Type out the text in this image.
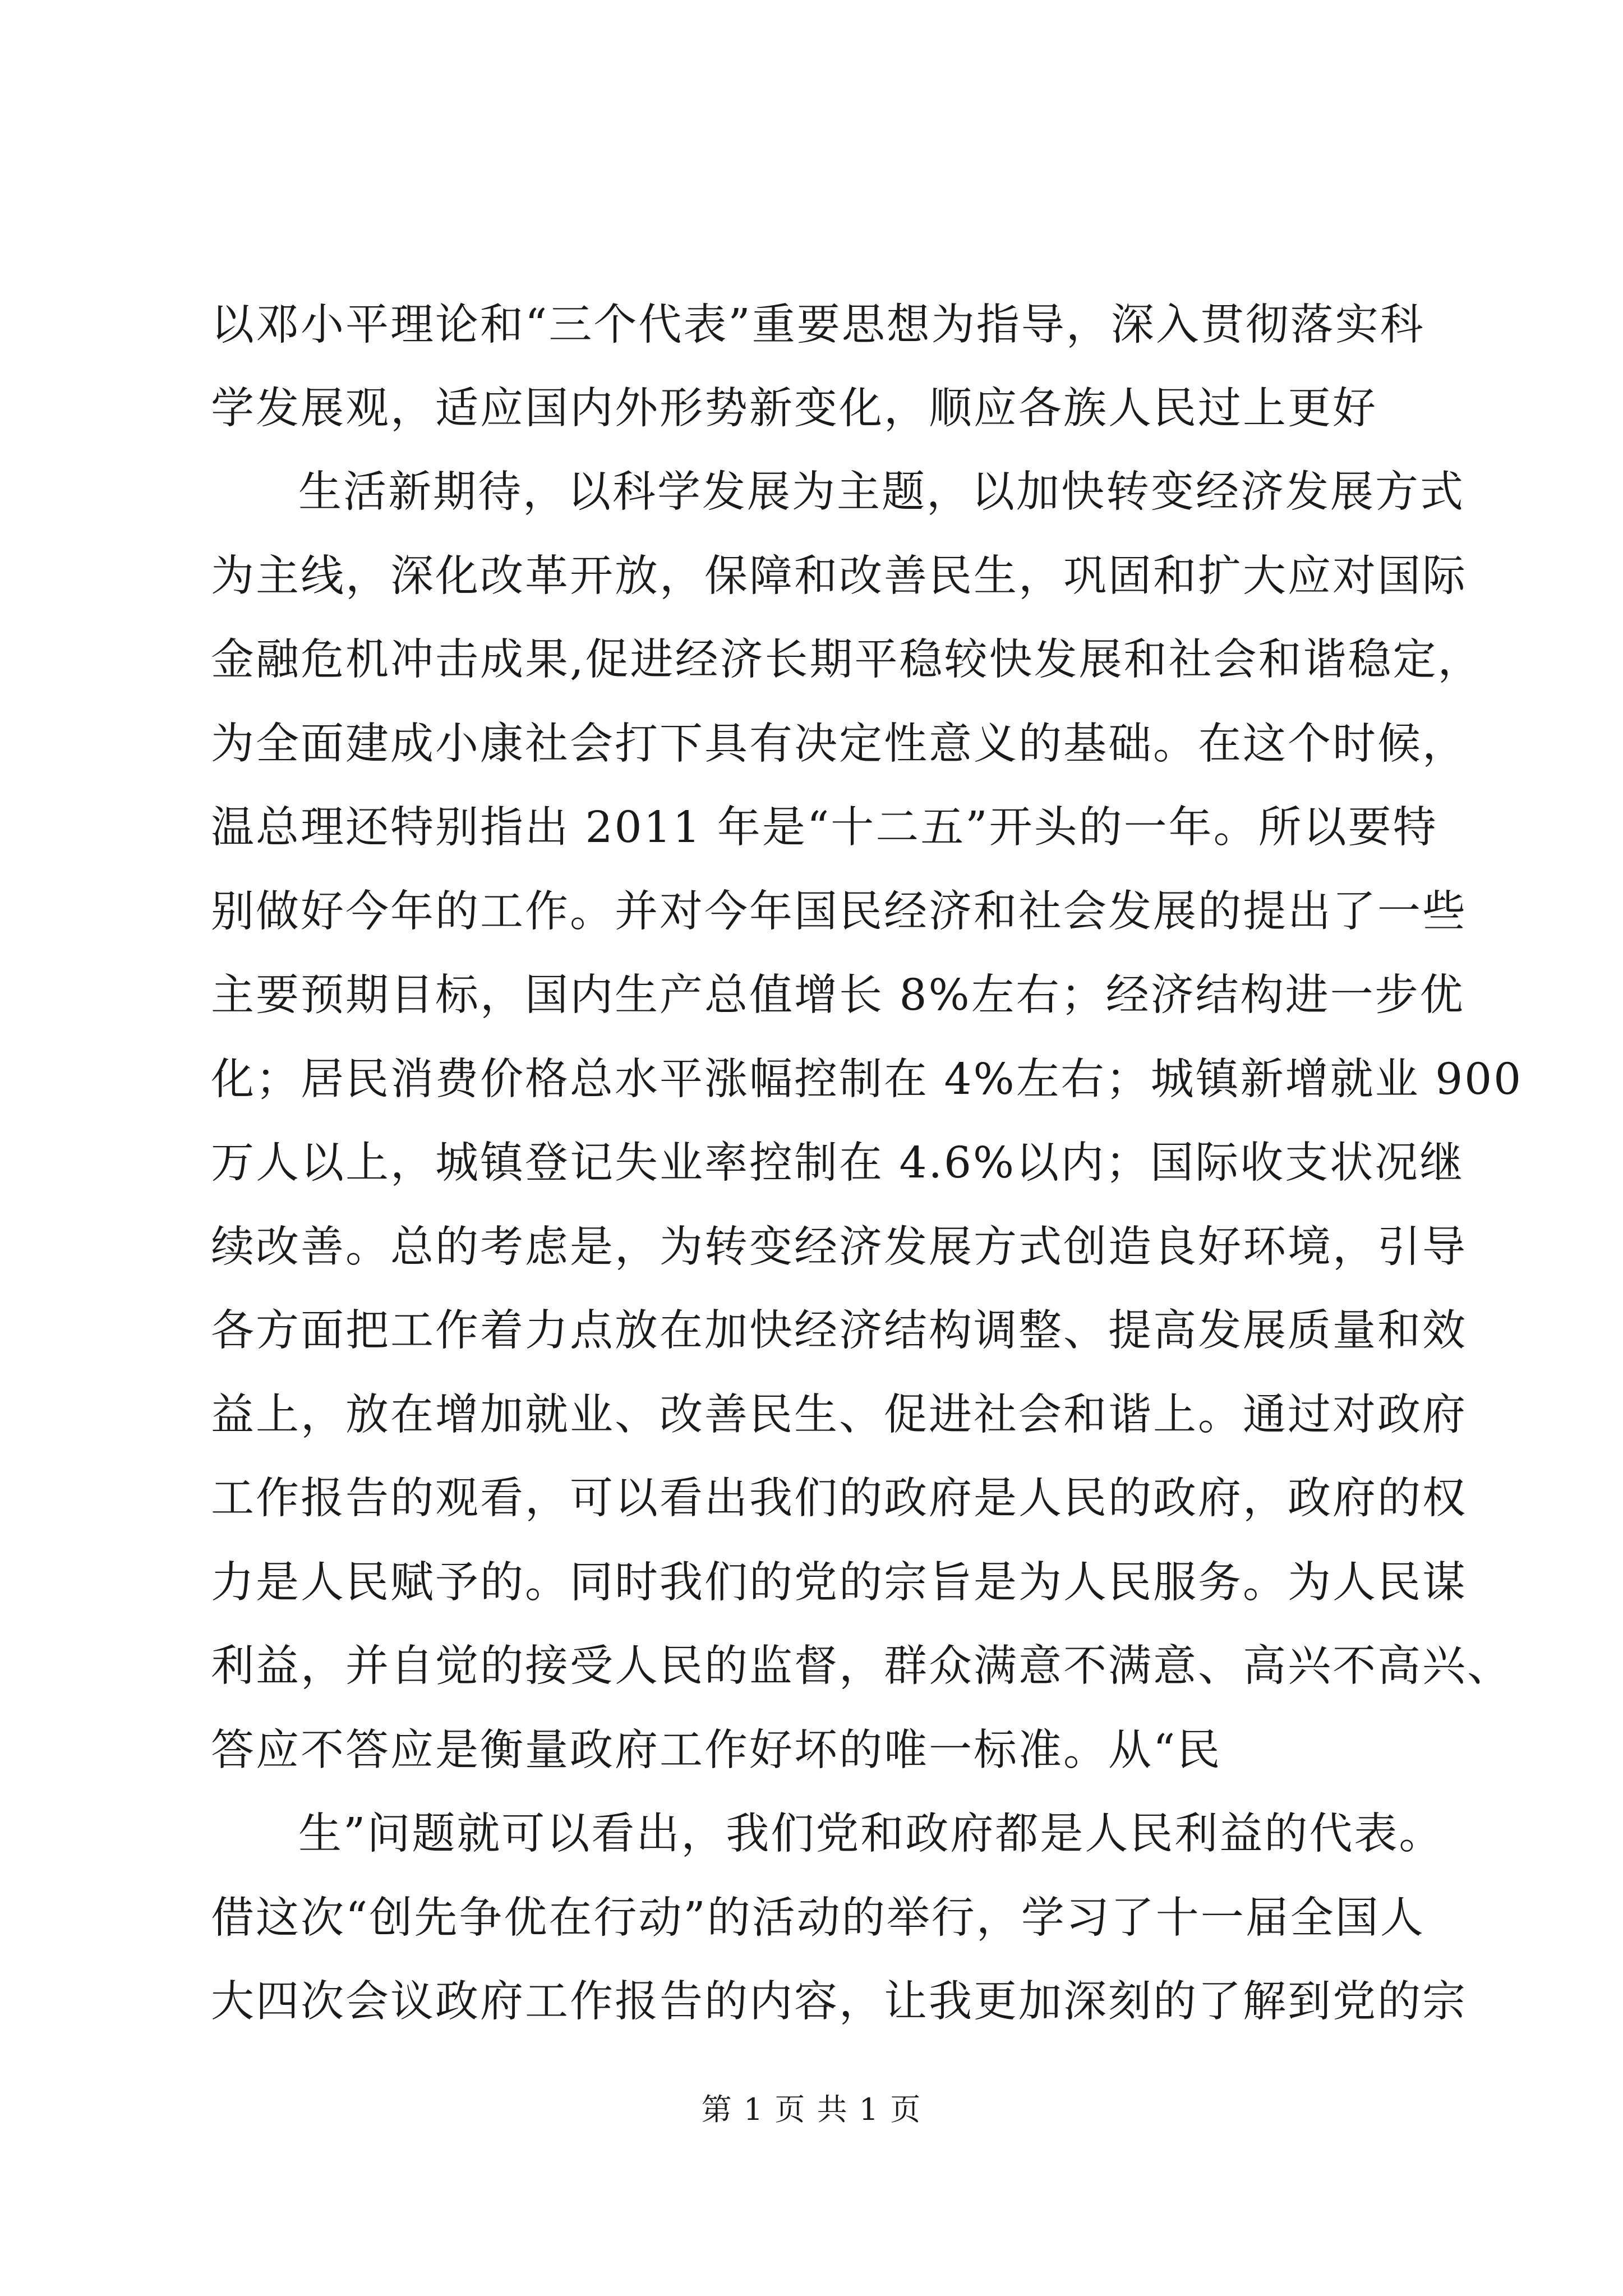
以邓小平理论和“三个代表”重要思想为指导，深入贯彻落实科
学发展观，适应国内外形势新变化，顺应各族人民过上更好
生活新期待，以科学发展为主题，以加快转变经济发展方式
为主线，深化改革开放，保障和改善民生，巩固和扩大应对国际
金融危机冲击成果,促进经济长期平稳较快发展和社会和谐稳定，
为全面建成小康社会打下具有决定性意义的基础。在这个时候，
温总理还特别指出 2011 年是“十二五”开头的一年。所以要特
别做好今年的工作。并对今年国民经济和社会发展的提出了一些
主要预期目标，国内生产总值增长 8%左右；经济结构进一步优
化；居民消费价格总水平涨幅控制在 4%左右；城镇新增就业 900
万人以上，城镇登记失业率控制在 4.6%以内；国际收支状况继
续改善。总的考虑是，为转变经济发展方式创造良好环境，引导
各方面把工作着力点放在加快经济结构调整、提高发展质量和效
益上，放在增加就业、改善民生、促进社会和谐上。通过对政府
工作报告的观看，可以看出我们的政府是人民的政府，政府的权
力是人民赋予的。同时我们的党的宗旨是为人民服务。为人民谋
利益，并自觉的接受人民的监督，群众满意不满意、高兴不高兴、
答应不答应是衡量政府工作好坏的唯一标准。从“民
生”问题就可以看出，我们党和政府都是人民利益的代表。
借这次“创先争优在行动”的活动的举行，学习了十一届全国人
大四次会议政府工作报告的内容，让我更加深刻的了解到党的宗
第 1 页 共 1 页
